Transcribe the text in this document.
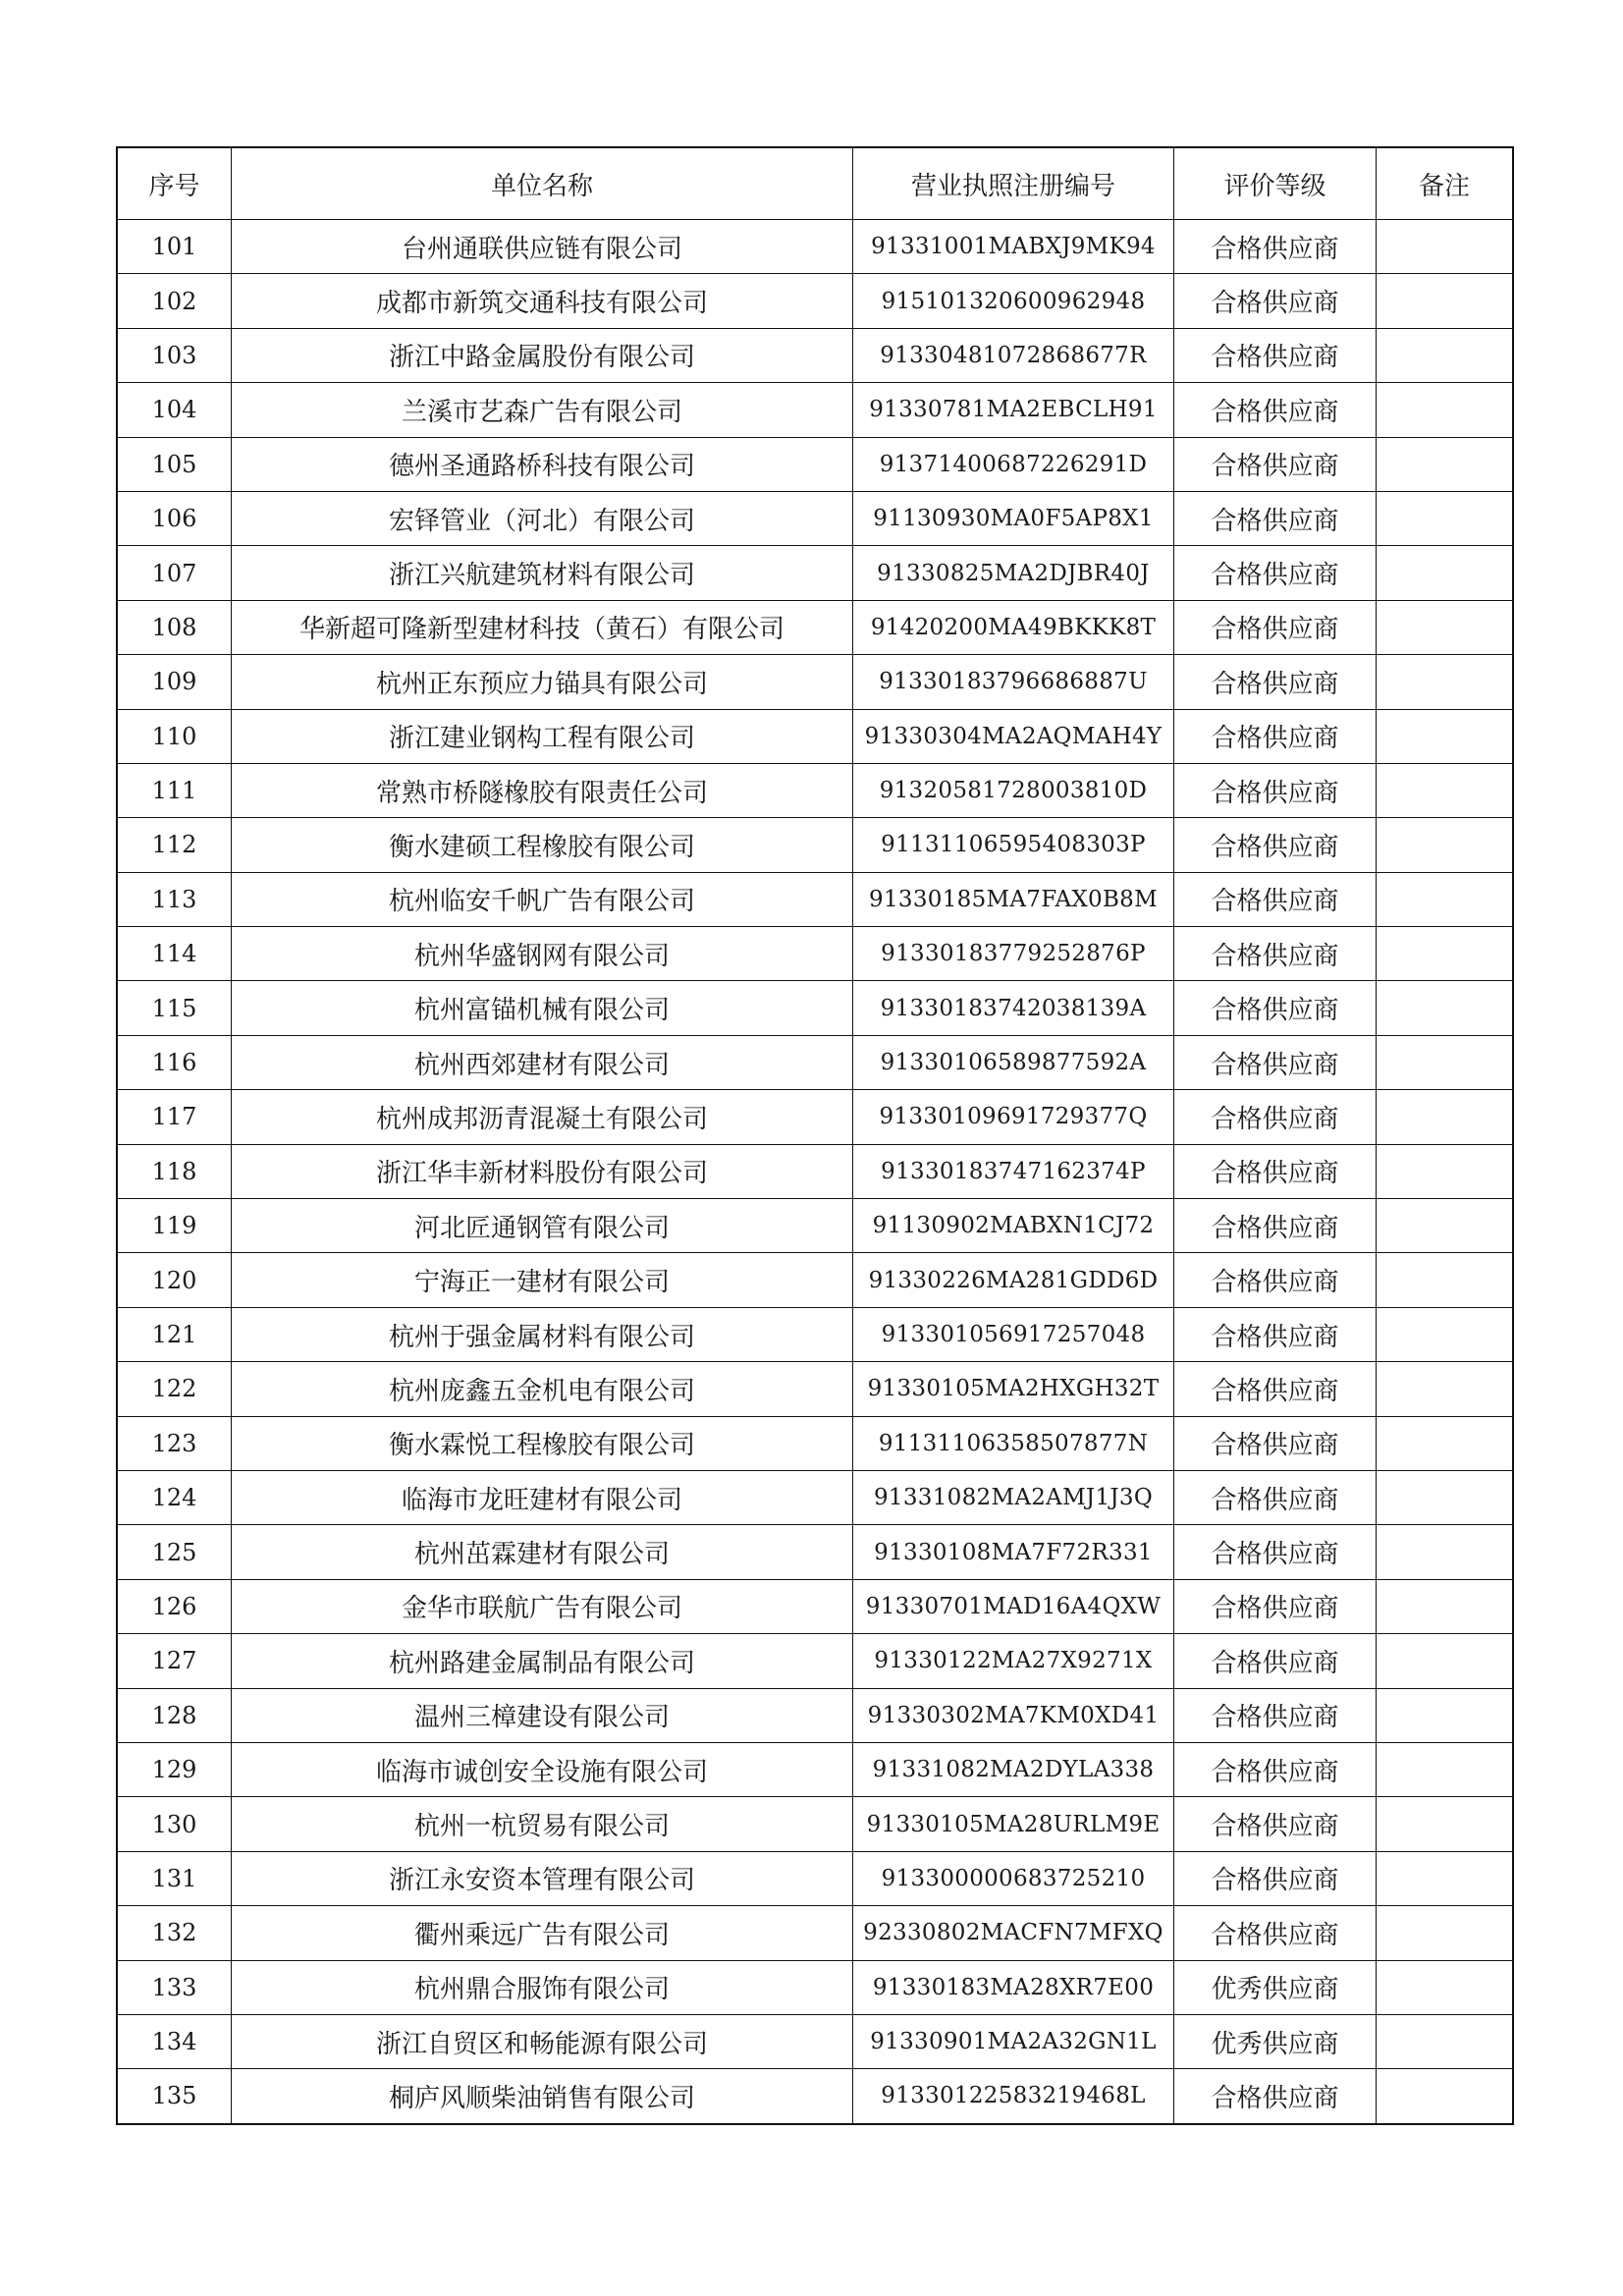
序号	单位名称	营业执照注册编号	评价等级	备注
101	台州通联供应链有限公司	91331001MABXJ9MK94	合格供应商	
102	成都市新筑交通科技有限公司	915101320600962948	合格供应商	
103	浙江中路金属股份有限公司	91330481072868677R	合格供应商	
104	兰溪市艺森广告有限公司	91330781MA2EBCLH91	合格供应商	
105	德州圣通路桥科技有限公司	91371400687226291D	合格供应商	
106	宏铎管业（河北）有限公司	91130930MA0F5AP8X1	合格供应商	
107	浙江兴航建筑材料有限公司	91330825MA2DJBR40J	合格供应商	
108	华新超可隆新型建材科技（黄石）有限公司	91420200MA49BKKK8T	合格供应商	
109	杭州正东预应力锚具有限公司	91330183796686887U	合格供应商	
110	浙江建业钢构工程有限公司	91330304MA2AQMAH4Y	合格供应商	
111	常熟市桥隧橡胶有限责任公司	91320581728003810D	合格供应商	
112	衡水建硕工程橡胶有限公司	91131106595408303P	合格供应商	
113	杭州临安千帆广告有限公司	91330185MA7FAX0B8M	合格供应商	
114	杭州华盛钢网有限公司	91330183779252876P	合格供应商	
115	杭州富锚机械有限公司	91330183742038139A	合格供应商	
116	杭州西郊建材有限公司	91330106589877592A	合格供应商	
117	杭州成邦沥青混凝土有限公司	91330109691729377Q	合格供应商	
118	浙江华丰新材料股份有限公司	91330183747162374P	合格供应商	
119	河北匠通钢管有限公司	91130902MABXN1CJ72	合格供应商	
120	宁海正一建材有限公司	91330226MA281GDD6D	合格供应商	
121	杭州于强金属材料有限公司	913301056917257048	合格供应商	
122	杭州庞鑫五金机电有限公司	91330105MA2HXGH32T	合格供应商	
123	衡水霖悦工程橡胶有限公司	91131106358507877N	合格供应商	
124	临海市龙旺建材有限公司	91331082MA2AMJ1J3Q	合格供应商	
125	杭州茁霖建材有限公司	91330108MA7F72R331	合格供应商	
126	金华市联航广告有限公司	91330701MAD16A4QXW	合格供应商	
127	杭州路建金属制品有限公司	91330122MA27X9271X	合格供应商	
128	温州三樟建设有限公司	91330302MA7KM0XD41	合格供应商	
129	临海市诚创安全设施有限公司	91331082MA2DYLA338	合格供应商	
130	杭州一杭贸易有限公司	91330105MA28URLM9E	合格供应商	
131	浙江永安资本管理有限公司	913300000683725210	合格供应商	
132	衢州乘远广告有限公司	92330802MACFN7MFXQ	合格供应商	
133	杭州鼎合服饰有限公司	91330183MA28XR7E00	优秀供应商	
134	浙江自贸区和畅能源有限公司	91330901MA2A32GN1L	优秀供应商	
135	桐庐风顺柴油销售有限公司	91330122583219468L	合格供应商	
